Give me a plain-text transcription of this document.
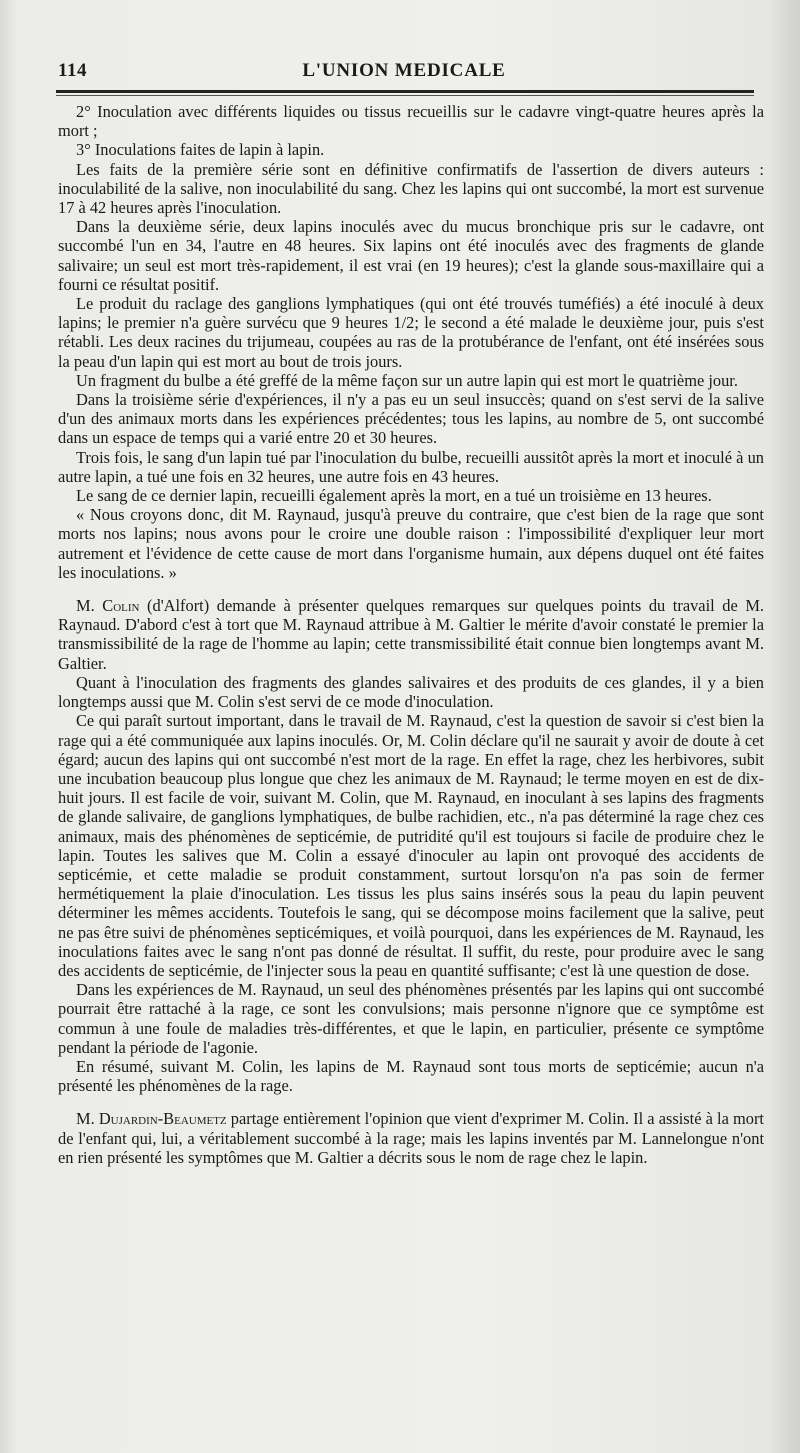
114	L'UNION MEDICALE

2° Inoculation avec différents liquides ou tissus recueillis sur le cadavre vingt-quatre heures après la mort ;

3° Inoculations faites de lapin à lapin.

Les faits de la première série sont en définitive confirmatifs de l'assertion de divers auteurs : inoculabilité de la salive, non inoculabilité du sang. Chez les lapins qui ont succombé, la mort est survenue 17 à 42 heures après l'inoculation.

Dans la deuxième série, deux lapins inoculés avec du mucus bronchique pris sur le cadavre, ont succombé l'un en 34, l'autre en 48 heures. Six lapins ont été inoculés avec des fragments de glande salivaire; un seul est mort très-rapidement, il est vrai (en 19 heures); c'est la glande sous-maxillaire qui a fourni ce résultat positif.

Le produit du raclage des ganglions lymphatiques (qui ont été trouvés tuméfiés) a été inoculé à deux lapins; le premier n'a guère survécu que 9 heures 1/2; le second a été malade le deuxième jour, puis s'est rétabli. Les deux racines du trijumeau, coupées au ras de la protubérance de l'enfant, ont été insérées sous la peau d'un lapin qui est mort au bout de trois jours.

Un fragment du bulbe a été greffé de la même façon sur un autre lapin qui est mort le quatrième jour.

Dans la troisième série d'expériences, il n'y a pas eu un seul insuccès; quand on s'est servi de la salive d'un des animaux morts dans les expériences précédentes; tous les lapins, au nombre de 5, ont succombé dans un espace de temps qui a varié entre 20 et 30 heures.

Trois fois, le sang d'un lapin tué par l'inoculation du bulbe, recueilli aussitôt après la mort et inoculé à un autre lapin, a tué une fois en 32 heures, une autre fois en 43 heures.

Le sang de ce dernier lapin, recueilli également après la mort, en a tué un troisième en 13 heures.

« Nous croyons donc, dit M. Raynaud, jusqu'à preuve du contraire, que c'est bien de la rage que sont morts nos lapins; nous avons pour le croire une double raison : l'impossibilité d'expliquer leur mort autrement et l'évidence de cette cause de mort dans l'organisme humain, aux dépens duquel ont été faites les inoculations. »

M. Colin (d'Alfort) demande à présenter quelques remarques sur quelques points du travail de M. Raynaud. D'abord c'est à tort que M. Raynaud attribue à M. Galtier le mérite d'avoir constaté le premier la transmissibilité de la rage de l'homme au lapin; cette transmissibilité était connue bien longtemps avant M. Galtier.

Quant à l'inoculation des fragments des glandes salivaires et des produits de ces glandes, il y a bien longtemps aussi que M. Colin s'est servi de ce mode d'inoculation.

Ce qui paraît surtout important, dans le travail de M. Raynaud, c'est la question de savoir si c'est bien la rage qui a été communiquée aux lapins inoculés. Or, M. Colin déclare qu'il ne saurait y avoir de doute à cet égard; aucun des lapins qui ont succombé n'est mort de la rage. En effet la rage, chez les herbivores, subit une incubation beaucoup plus longue que chez les animaux de M. Raynaud; le terme moyen en est de dix-huit jours. Il est facile de voir, suivant M. Colin, que M. Raynaud, en inoculant à ses lapins des fragments de glande salivaire, de ganglions lymphatiques, de bulbe rachidien, etc., n'a pas déterminé la rage chez ces animaux, mais des phénomènes de septicémie, de putridité qu'il est toujours si facile de produire chez le lapin. Toutes les salives que M. Colin a essayé d'inoculer au lapin ont provoqué des accidents de septicémie, et cette maladie se produit constamment, surtout lorsqu'on n'a pas soin de fermer hermétiquement la plaie d'inoculation. Les tissus les plus sains insérés sous la peau du lapin peuvent déterminer les mêmes accidents. Toutefois le sang, qui se décompose moins facilement que la salive, peut ne pas être suivi de phénomènes septicémiques, et voilà pourquoi, dans les expériences de M. Raynaud, les inoculations faites avec le sang n'ont pas donné de résultat. Il suffit, du reste, pour produire avec le sang des accidents de septicémie, de l'injecter sous la peau en quantité suffisante; c'est là une question de dose.

Dans les expériences de M. Raynaud, un seul des phénomènes présentés par les lapins qui ont succombé pourrait être rattaché à la rage, ce sont les convulsions; mais personne n'ignore que ce symptôme est commun à une foule de maladies très-différentes, et que le lapin, en particulier, présente ce symptôme pendant la période de l'agonie.

En résumé, suivant M. Colin, les lapins de M. Raynaud sont tous morts de septicémie; aucun n'a présenté les phénomènes de la rage.

M. Dujardin-Beaumetz partage entièrement l'opinion que vient d'exprimer M. Colin. Il a assisté à la mort de l'enfant qui, lui, a véritablement succombé à la rage; mais les lapins inventés par M. Lannelongue n'ont en rien présenté les symptômes que M. Galtier a décrits sous le nom de rage chez le lapin.
